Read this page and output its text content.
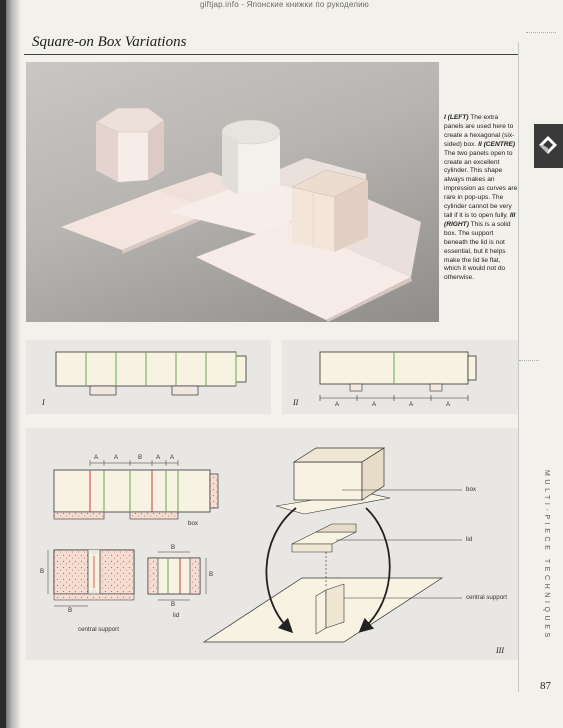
giftjap.info - Японские книжки по рукоделию
Square-on Box Variations
MULTI-PIECE TECHNIQUES
87
I (LEFT) The extra panels are used here to create a hexagonal (six-sided) box. II (CENTRE) The two panels open to create an excellent cylinder. This shape always makes an impression as curves are rare in pop-ups. The cylinder cannot be very tall if it is to open fully. III (RIGHT) This is a solid box. The support beneath the lid is not essential, but it helps make the lid lie flat, which it would not do otherwise.
I	A	A	A	A
II
A	A	B A A
box
B
B
central support
B
B
B
lid
box
lid
central support
III
